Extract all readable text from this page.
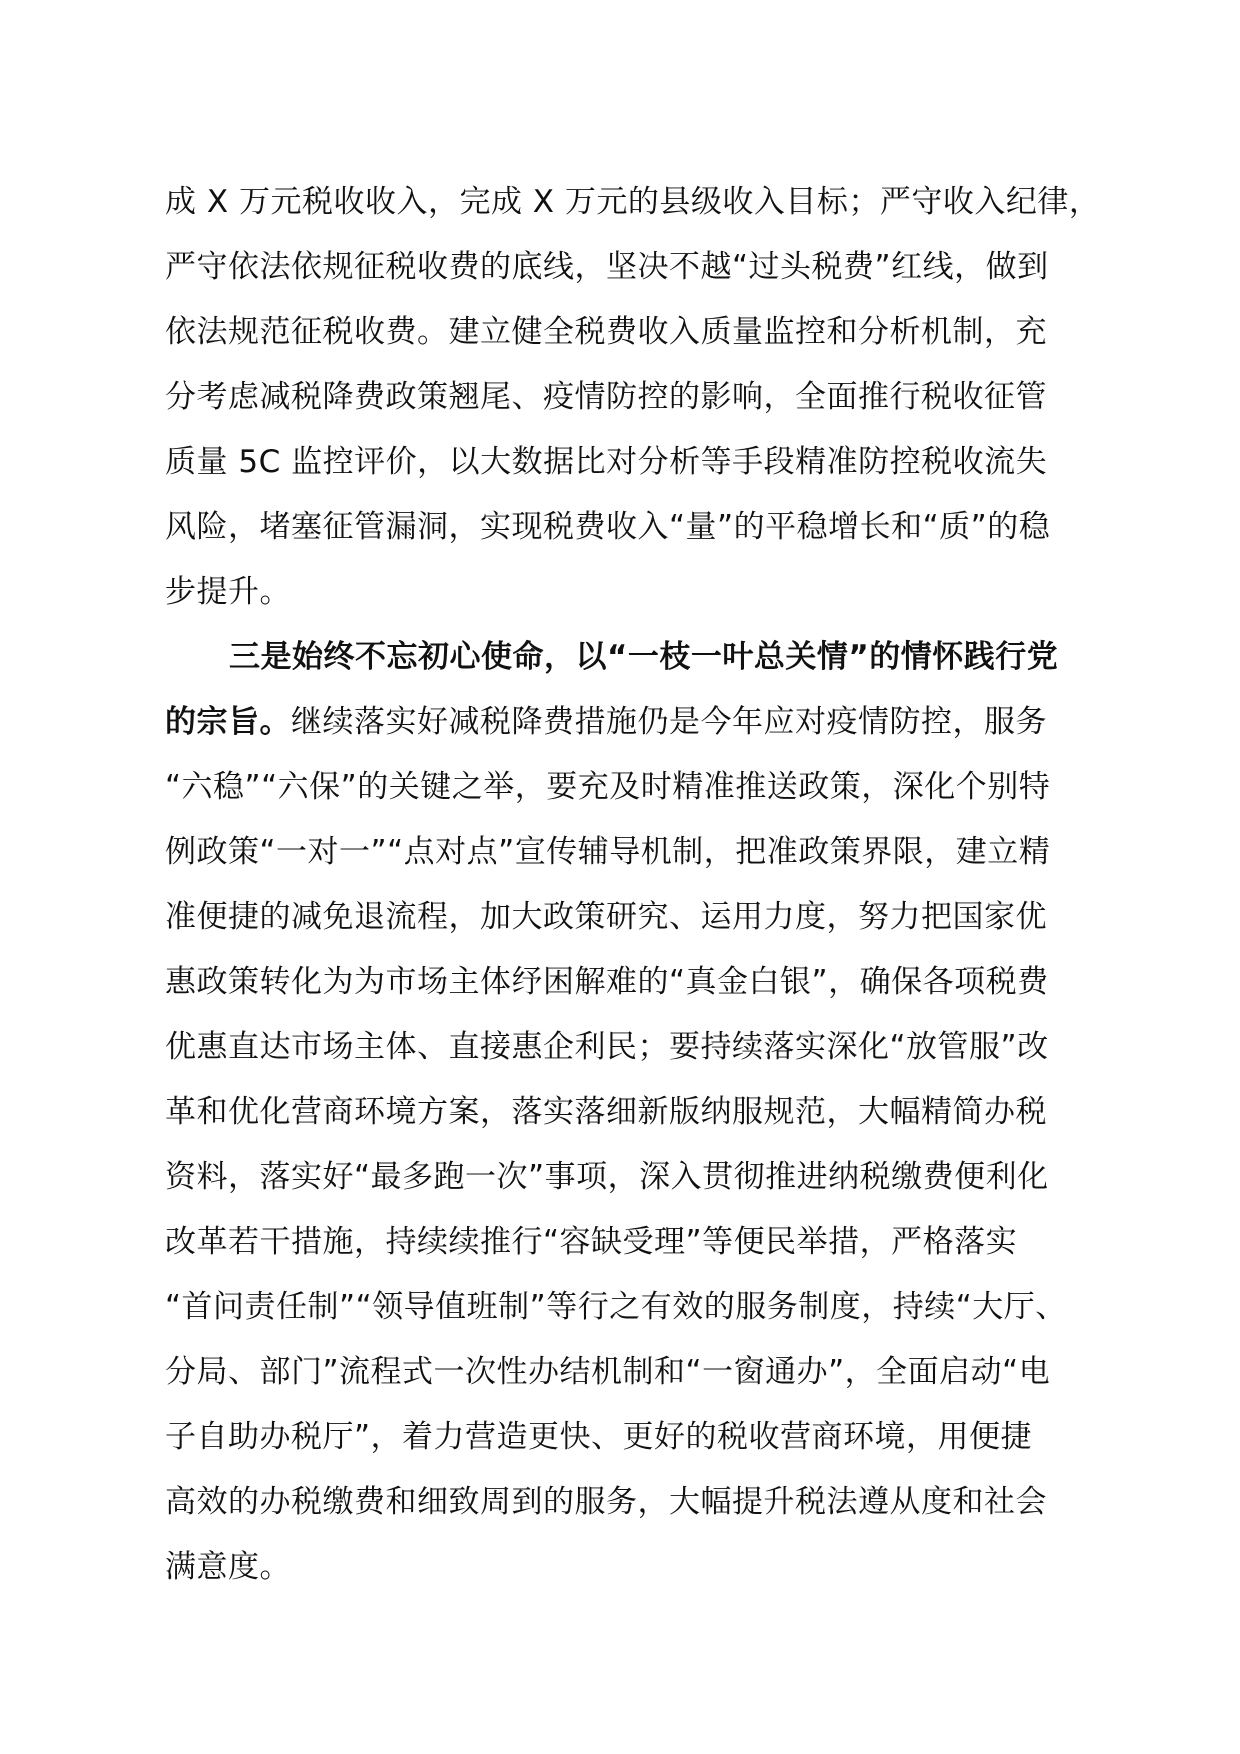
成 X 万元税收收入，完成 X 万元的县级收入目标；严守收入纪律，
严守依法依规征税收费的底线，坚决不越“过头税费”红线，做到
依法规范征税收费。建立健全税费收入质量监控和分析机制，充
分考虑减税降费政策翘尾、疫情防控的影响，全面推行税收征管
质量 5C 监控评价，以大数据比对分析等手段精准防控税收流失
风险，堵塞征管漏洞，实现税费收入“量”的平稳增长和“质”的稳
步提升。
三是始终不忘初心使命，以“一枝一叶总关情”的情怀践行党
的宗旨。继续落实好减税降费措施仍是今年应对疫情防控，服务
“六稳”“六保”的关键之举，要充及时精准推送政策，深化个别特
例政策“一对一”“点对点”宣传辅导机制，把准政策界限，建立精
准便捷的减免退流程，加大政策研究、运用力度，努力把国家优
惠政策转化为为市场主体纾困解难的“真金白银”，确保各项税费
优惠直达市场主体、直接惠企利民；要持续落实深化“放管服”改
革和优化营商环境方案，落实落细新版纳服规范，大幅精简办税
资料，落实好“最多跑一次”事项，深入贯彻推进纳税缴费便利化
改革若干措施，持续续推行“容缺受理”等便民举措，严格落实
“首问责任制”“领导值班制”等行之有效的服务制度，持续“大厅、
分局、部门”流程式一次性办结机制和“一窗通办”，全面启动“电
子自助办税厅”，着力营造更快、更好的税收营商环境，用便捷
高效的办税缴费和细致周到的服务，大幅提升税法遵从度和社会
满意度。
